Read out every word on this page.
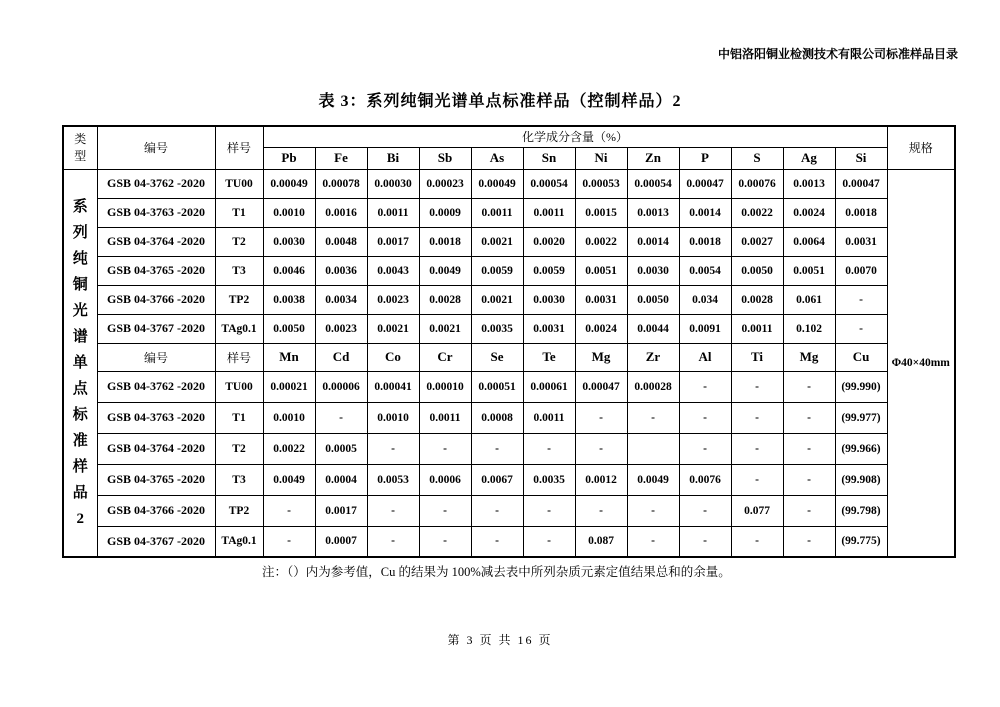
中铝洛阳铜业检测技术有限公司标准样品目录
表 3：系列纯铜光谱单点标准样品（控制样品）2
类型	编号	样号	化学成分含量（%）												规格
			Pb	Fe	Bi	Sb	As	Sn	Ni	Zn	P	S	Ag	Si	

系列纯铜光谱单点标准样品2	GSB 04-3762 -2020	TU00	0.00049	0.00078	0.00030	0.00023	0.00049	0.00054	0.00053	0.00054	0.00047	0.00076	0.0013	0.00047	Φ40×40mm
	GSB 04-3763 -2020	T1	0.0010	0.0016	0.0011	0.0009	0.0011	0.0011	0.0015	0.0013	0.0014	0.0022	0.0024	0.0018	
	GSB 04-3764 -2020	T2	0.0030	0.0048	0.0017	0.0018	0.0021	0.0020	0.0022	0.0014	0.0018	0.0027	0.0064	0.0031	
	GSB 04-3765 -2020	T3	0.0046	0.0036	0.0043	0.0049	0.0059	0.0059	0.0051	0.0030	0.0054	0.0050	0.0051	0.0070	
	GSB 04-3766 -2020	TP2	0.0038	0.0034	0.0023	0.0028	0.0021	0.0030	0.0031	0.0050	0.034	0.0028	0.061	-	
	GSB 04-3767 -2020	TAg0.1	0.0050	0.0023	0.0021	0.0021	0.0035	0.0031	0.0024	0.0044	0.0091	0.0011	0.102	-	
	编号	样号	Mn	Cd	Co	Cr	Se	Te	Mg	Zr	Al	Ti	Mg	Cu	
	GSB 04-3762 -2020	TU00	0.00021	0.00006	0.00041	0.00010	0.00051	0.00061	0.00047	0.00028	-	-	-	(99.990)	
	GSB 04-3763 -2020	T1	0.0010	-	0.0010	0.0011	0.0008	0.0011	-	-	-	-	-	(99.977)	
	GSB 04-3764 -2020	T2	0.0022	0.0005	-	-	-	-	-		-	-	-	(99.966)	
	GSB 04-3765 -2020	T3	0.0049	0.0004	0.0053	0.0006	0.0067	0.0035	0.0012	0.0049	0.0076	-	-	(99.908)	
	GSB 04-3766 -2020	TP2	-	0.0017	-	-	-	-	-	-	-	0.077	-	(99.798)	
	GSB 04-3767 -2020	TAg0.1	-	0.0007	-	-	-	-	0.087	-	-	-	-	(99.775)	
注：（）内为参考值，Cu 的结果为 100%减去表中所列杂质元素定值结果总和的余量。
第 3 页 共 16 页
